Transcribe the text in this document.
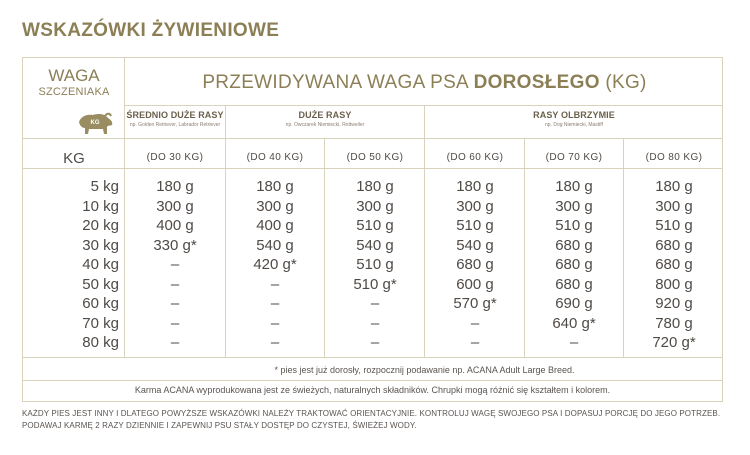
WSKAZÓWKI ŻYWIENIOWE
WAGA
SZCZENIAKA
KG
PRZEWIDYWANA WAGA PSA DOROSŁEGO (KG)
ŚREDNIO DUŻE RASY
np. Golden Retriever, Labrador Retriever
DUŻE RASY
np. Owczarek Niemiecki, Rottweiler
RASY OLBRZYMIE
np. Dog Niemiecki, Mastiff
KG	(DO 30 KG)	(DO 40 KG)	(DO 50 KG)	(DO 60 KG)	(DO 70 KG)	(DO 80 KG)
5 kg	180 g	180 g	180 g	180 g	180 g	180 g
10 kg	300 g	300 g	300 g	300 g	300 g	300 g
20 kg	400 g	400 g	510 g	510 g	510 g	510 g
30 kg	330 g*	540 g	540 g	540 g	680 g	680 g
40 kg	–	420 g*	510 g	680 g	680 g	680 g
50 kg	–	–	510 g*	600 g	680 g	800 g
60 kg	–	–	–	570 g*	690 g	920 g
70 kg	–	–	–	–	640 g*	780 g
80 kg	–	–	–	–	–	720 g*
* pies jest już dorosły, rozpocznij podawanie np. ACANA Adult Large Breed.
Karma ACANA wyprodukowana jest ze świeżych, naturalnych składników. Chrupki mogą różnić się kształtem i kolorem.
KAŻDY PIES JEST INNY I DLATEGO POWYŻSZE WSKAZÓWKI NALEŻY TRAKTOWAĆ ORIENTACYJNIE. KONTROLUJ WAGĘ SWOJEGO PSA I DOPASUJ PORCJĘ DO JEGO POTRZEB. PODAWAJ KARMĘ 2 RAZY DZIENNIE I ZAPEWNIJ PSU STAŁY DOSTĘP DO CZYSTEJ, ŚWIEŻEJ WODY.
